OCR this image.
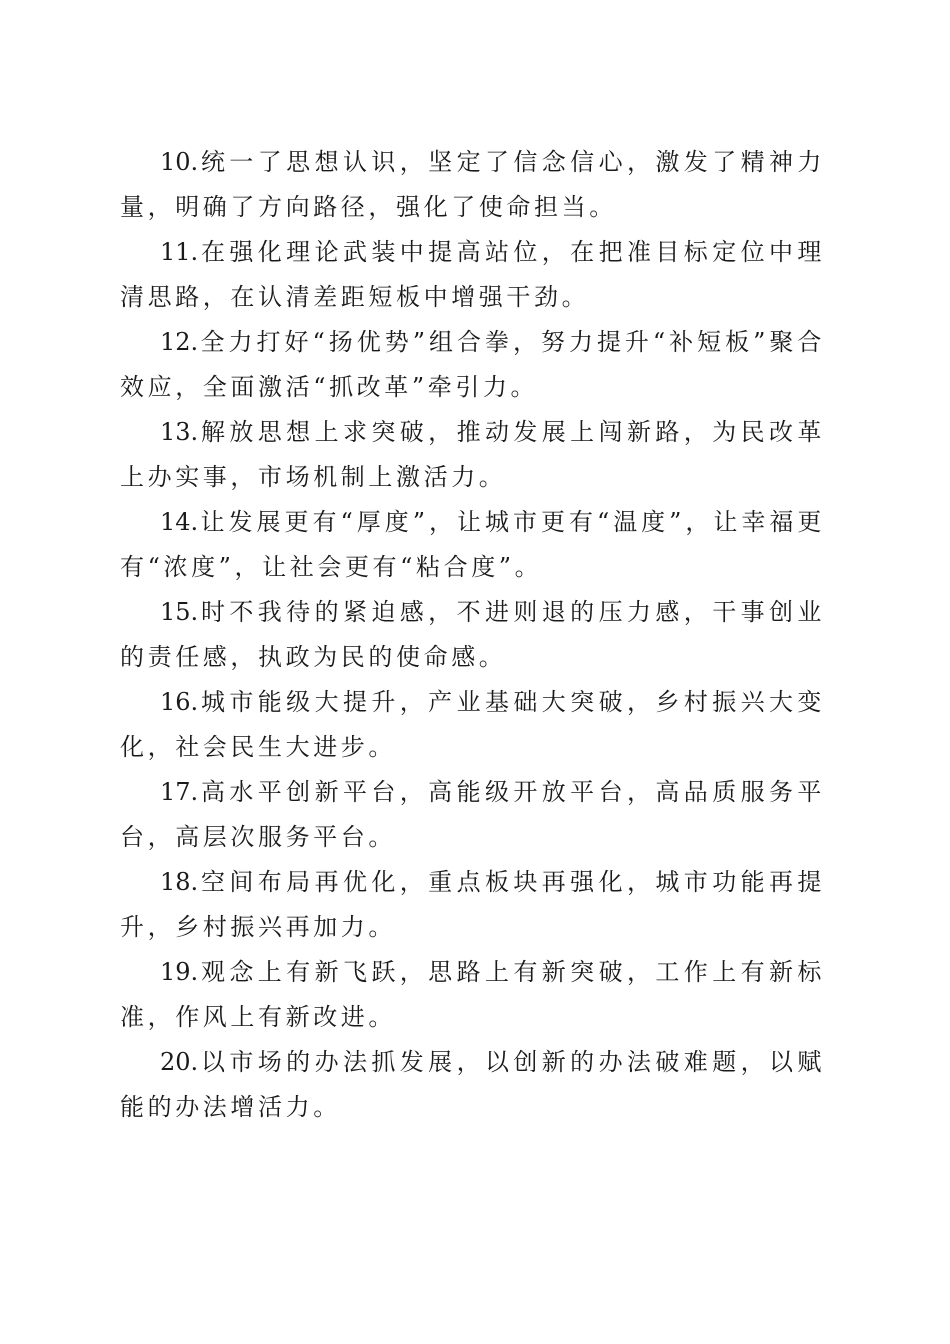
10.统一了思想认识，坚定了信念信心，激发了精神力量，明确了方向路径，强化了使命担当。

11.在强化理论武装中提高站位，在把准目标定位中理清思路，在认清差距短板中增强干劲。

12.全力打好“扬优势”组合拳，努力提升“补短板”聚合效应，全面激活“抓改革”牵引力。

13.解放思想上求突破，推动发展上闯新路，为民改革上办实事，市场机制上激活力。

14.让发展更有“厚度”，让城市更有“温度”，让幸福更有“浓度”，让社会更有“粘合度”。

15.时不我待的紧迫感，不进则退的压力感，干事创业的责任感，执政为民的使命感。

16.城市能级大提升，产业基础大突破，乡村振兴大变化，社会民生大进步。

17.高水平创新平台，高能级开放平台，高品质服务平台，高层次服务平台。

18.空间布局再优化，重点板块再强化，城市功能再提升，乡村振兴再加力。

19.观念上有新飞跃，思路上有新突破，工作上有新标准，作风上有新改进。

20.以市场的办法抓发展，以创新的办法破难题，以赋能的办法增活力。
